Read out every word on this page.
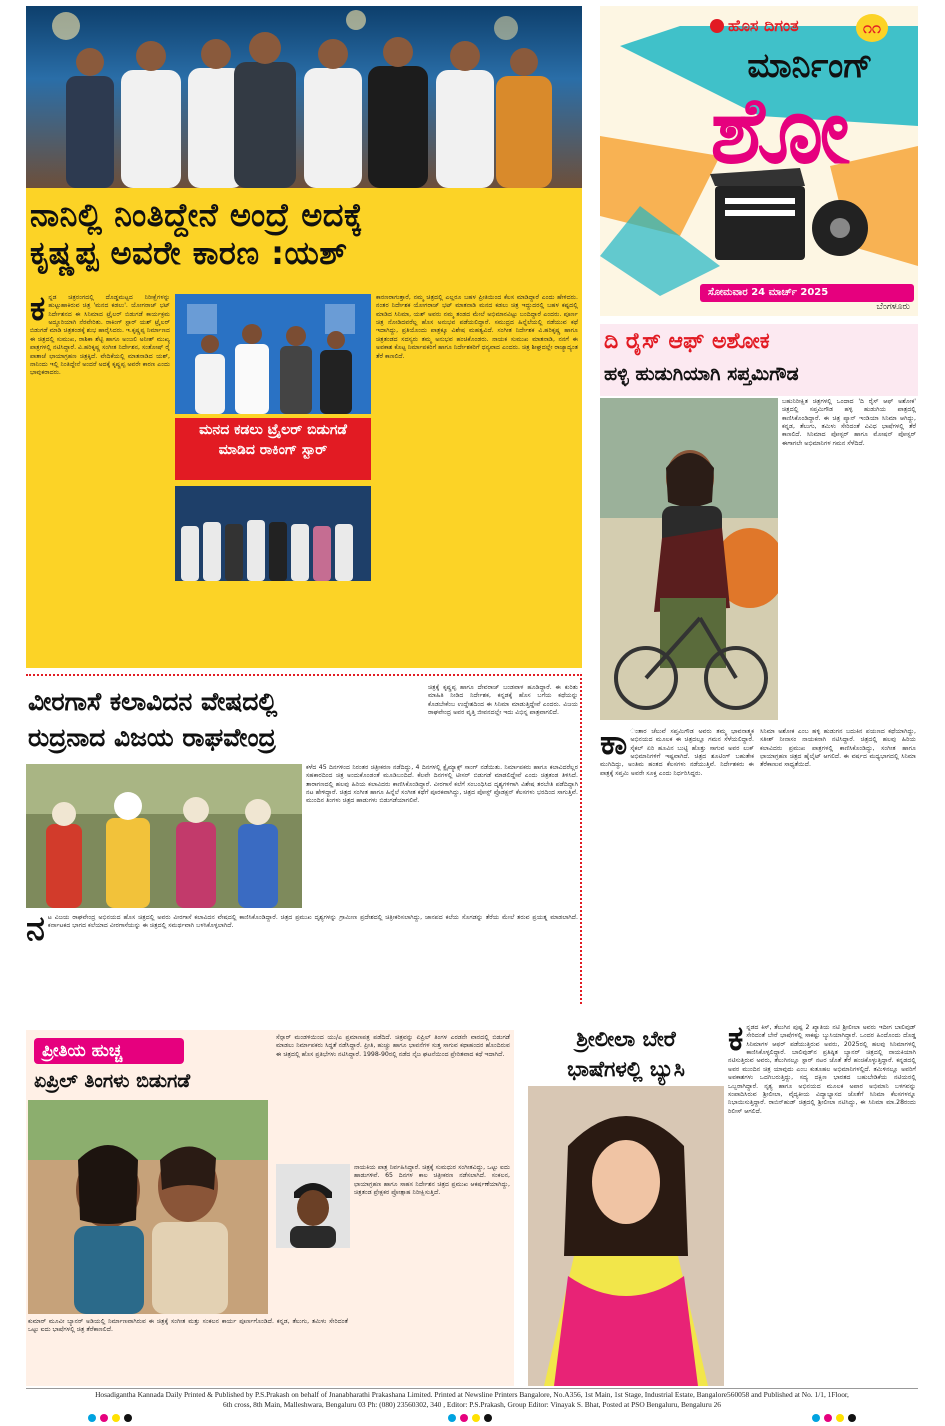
ನಾನಿಲ್ಲಿ ನಿಂತಿದ್ದೇನೆ ಅಂದ್ರೆ ಅದಕ್ಕೆ
ಕೃಷ್ಣಪ್ಪ ಅವರೇ ಕಾರಣ :ಯಶ್
ಕ ನ್ನಡ ಚಿತ್ರರಂಗದಲ್ಲಿ ದೊಡ್ಡಮಟ್ಟದ ನಿರೀಕ್ಷೆಗಳನ್ನು ಹುಟ್ಟುಹಾಕಿರುವ ಚಿತ್ರ 'ಮನದ ಕಡಲು'. ಯೋಗರಾಜ್ ಭಟ್ ನಿರ್ದೇಶನದ ಈ ಸಿನಿಮಾದ ಟ್ರೈಲರ್ ಬಿಡುಗಡೆ ಕಾರ್ಯಕ್ರಮ ಅದ್ದೂರಿಯಾಗಿ ನೆರವೇರಿತು. ರಾಕಿಂಗ್ ಸ್ಟಾರ್ ಯಶ್ ಟ್ರೈಲರ್ ಬಿಡುಗಡೆ ಮಾಡಿ ಚಿತ್ರತಂಡಕ್ಕೆ ಶುಭ ಹಾರೈಸಿದರು. ಇ.ಕೃಷ್ಣಪ್ಪ ನಿರ್ಮಾಣದ ಈ ಚಿತ್ರದಲ್ಲಿ ಸುಮುಖ, ರಾಶಿಕಾ ಶೆಟ್ಟಿ ಹಾಗೂ ಅಂಜಲಿ ಅನೀಶ್ ಮುಖ್ಯ ಪಾತ್ರಗಳಲ್ಲಿ ನಟಿಸಿದ್ದಾರೆ. ವಿ.ಹರಿಕೃಷ್ಣ ಸಂಗೀತ ನಿರ್ದೇಶನ, ಸಂತೋಷ್ ರೈ ಪಾತಾಜೆ ಛಾಯಾಗ್ರಹಣ ಚಿತ್ರಕ್ಕಿದೆ. ವೇದಿಕೆಯಲ್ಲಿ ಮಾತನಾಡಿದ ಯಶ್, ನಾನಿಂದು ಇಲ್ಲಿ ನಿಂತಿದ್ದೇನೆ ಅಂದರೆ ಅದಕ್ಕೆ ಕೃಷ್ಣಪ್ಪ ಅವರೇ ಕಾರಣ ಎಂದು ಭಾವುಕರಾದರು.
ಮನದ ಕಡಲು ಟ್ರೈಲರ್ ಬಿಡುಗಡೆ ಮಾಡಿದ ರಾಕಿಂಗ್ ಸ್ಟಾರ್
ಕಾರಣರಾಗುತ್ತಾರೆ, ನಮ್ಮ ಚಿತ್ರದಲ್ಲಿ ಎಲ್ಲರೂ ಬಹಳ ಪ್ರೀತಿಯಿಂದ ಕೆಲಸ ಮಾಡಿದ್ದಾರೆ ಎಂದು ಹೇಳಿದರು. ನಂತರ ನಿರ್ದೇಶಕ ಯೋಗರಾಜ್ ಭಟ್ ಮಾತನಾಡಿ ಮನದ ಕಡಲು ಚಿತ್ರ ಇದ್ದುದರಲ್ಲಿ ಬಹಳ ಕಷ್ಟದಲ್ಲಿ ಮಾಡಿದ ಸಿನಿಮಾ, ಯಶ್ ಅವರು ನಮ್ಮ ತಂಡದ ಮೇಲೆ ಅಭಿಮಾನವಿಟ್ಟು ಬಂದಿದ್ದಾರೆ ಎಂದರು. ಪೂರ್ಣ ಚಿತ್ರ ನೋಡಿದವರೆಲ್ಲ ಹೊಸ ಅನುಭವ ಪಡೆಯಲಿದ್ದಾರೆ. ಸಮುದ್ರದ ಹಿನ್ನೆಲೆಯಲ್ಲಿ ನಡೆಯುವ ಕಥೆ ಇದಾಗಿದ್ದು, ಪ್ರತಿಯೊಂದು ಪಾತ್ರಕ್ಕೂ ವಿಶೇಷ ಮಹತ್ವವಿದೆ. ಸಂಗೀತ ನಿರ್ದೇಶಕ ವಿ.ಹರಿಕೃಷ್ಣ ಹಾಗೂ ಚಿತ್ರತಂಡದ ಸದಸ್ಯರು ತಮ್ಮ ಅನುಭವ ಹಂಚಿಕೊಂಡರು. ನಾಯಕ ಸುಮುಖ ಮಾತನಾಡಿ, ನನಗೆ ಈ ಅವಕಾಶ ಕೊಟ್ಟ ನಿರ್ಮಾಪಕರಿಗೆ ಹಾಗೂ ನಿರ್ದೇಶಕರಿಗೆ ಧನ್ಯವಾದ ಎಂದರು. ಚಿತ್ರ ಶೀಘ್ರದಲ್ಲೇ ರಾಜ್ಯಾದ್ಯಂತ ತೆರೆ ಕಾಣಲಿದೆ.
ಹೊಸ ದಿಗಂತ	೧೧
ಮಾರ್ನಿಂಗ್
ಶೋ
ಸೋಮವಾರ 24 ಮಾರ್ಚ್ 2025
ಬೆಂಗಳೂರು
ದಿ ರೈಸ್ ಆಫ್ ಅಶೋಕ
ಹಳ್ಳಿ ಹುಡುಗಿಯಾಗಿ ಸಪ್ತಮಿಗೌಡ
ಬಹುನಿರೀಕ್ಷಿತ ಚಿತ್ರಗಳಲ್ಲಿ ಒಂದಾದ 'ದಿ ರೈಸ್ ಆಫ್ ಅಶೋಕ' ಚಿತ್ರದಲ್ಲಿ ಸಪ್ತಮಿಗೌಡ ಹಳ್ಳಿ ಹುಡುಗಿಯ ಪಾತ್ರದಲ್ಲಿ ಕಾಣಿಸಿಕೊಂಡಿದ್ದಾರೆ. ಈ ಚಿತ್ರ ಪ್ಯಾನ್ ಇಂಡಿಯಾ ಸಿನಿಮಾ ಆಗಿದ್ದು, ಕನ್ನಡ, ತೆಲುಗು, ತಮಿಳು ಸೇರಿದಂತೆ ವಿವಿಧ ಭಾಷೆಗಳಲ್ಲಿ ತೆರೆ ಕಾಣಲಿದೆ. ಸಿನಿಮಾದ ಪೋಸ್ಟರ್ ಹಾಗೂ ಮೋಷನ್ ಪೋಸ್ಟರ್ ಈಗಾಗಲೇ ಅಭಿಮಾನಿಗಳ ಗಮನ ಸೆಳೆದಿದೆ.
ಕಾ ಂತಾರ ಚೆಲುವೆ ಸಪ್ತಮಿಗೌಡ ಅವರು ತಮ್ಮ ಭಾವನಾತ್ಮಕ ಅಭಿನಯದ ಮೂಲಕ ಈ ಚಿತ್ರದಲ್ಲೂ ಗಮನ ಸೆಳೆಯಲಿದ್ದಾರೆ. ಸೈಕಲ್ ಏರಿ ಹೂವಿನ ಬುಟ್ಟಿ ಹೊತ್ತು ಸಾಗುವ ಅವರ ಲುಕ್ ಅಭಿಮಾನಿಗಳಿಗೆ ಇಷ್ಟವಾಗಿದೆ. ಚಿತ್ರದ ಶೂಟಿಂಗ್ ಬಹುತೇಕ ಮುಗಿದಿದ್ದು, ಅಂತಿಮ ಹಂತದ ಕೆಲಸಗಳು ನಡೆಯುತ್ತಿವೆ. ನಿರ್ದೇಶಕರು ಈ ಪಾತ್ರಕ್ಕೆ ಸಪ್ತಮಿ ಅವರೇ ಸೂಕ್ತ ಎಂದು ನಿರ್ಧರಿಸಿದ್ದರು.
ಸಿನಿಮಾ ಅಶೋಕ ಎಂಬ ಹಳ್ಳಿ ಹುಡುಗನ ಬದುಕಿನ ಪಯಣದ ಕಥೆಯಾಗಿದ್ದು, ಸತೀಶ್ ನೀನಾಸಂ ನಾಯಕನಾಗಿ ನಟಿಸಿದ್ದಾರೆ. ಚಿತ್ರದಲ್ಲಿ ಹಲವು ಹಿರಿಯ ಕಲಾವಿದರು ಪ್ರಮುಖ ಪಾತ್ರಗಳಲ್ಲಿ ಕಾಣಿಸಿಕೊಂಡಿದ್ದು, ಸಂಗೀತ ಹಾಗೂ ಛಾಯಾಗ್ರಹಣ ಚಿತ್ರದ ಹೈಲೈಟ್ ಆಗಲಿದೆ. ಈ ವರ್ಷದ ಮಧ್ಯಭಾಗದಲ್ಲಿ ಸಿನಿಮಾ ತೆರೆಕಾಣುವ ಸಾಧ್ಯತೆಯಿದೆ.
ವೀರಗಾಸೆ ಕಲಾವಿದನ ವೇಷದಲ್ಲಿ
ರುದ್ರನಾದ ವಿಜಯ ರಾಘವೇಂದ್ರ
ಚಿತ್ರಕ್ಕೆ ಕೃಷ್ಣಪ್ಪ ಹಾಗೂ ದೇವರಾಜ್ ಬಂಡವಾಳ ಹೂಡಿದ್ದಾರೆ. ಈ ಕುರಿತು ಮಾಹಿತಿ ನೀಡಿದ ನಿರ್ದೇಶಕ, ಕನ್ನಡಕ್ಕೆ ಹೊಸ ಬಗೆಯ ಕಥೆಯನ್ನು ಕೊಡಬೇಕೆಂಬ ಉದ್ದೇಶದಿಂದ ಈ ಸಿನಿಮಾ ಮಾಡುತ್ತಿದ್ದೇವೆ ಎಂದರು. ವಿಜಯ ರಾಘವೇಂದ್ರ ಅವರ ವೃತ್ತಿ ಜೀವನದಲ್ಲೇ ಇದು ವಿಭಿನ್ನ ಪಾತ್ರವಾಗಲಿದೆ.
ಕಳೆದ 45 ದಿನಗಳಿಂದ ನಿರಂತರ ಚಿತ್ರೀಕರಣ ನಡೆದಿದ್ದು, 4 ದಿನಗಳಲ್ಲಿ ಕ್ಲೈಮ್ಯಾಕ್ಸ್ ಸಾಂಗ್ ನಡೆಯಿತು. ನಿರ್ಮಾಪಕರು ಹಾಗೂ ಕಲಾವಿದರೆಲ್ಲರ ಸಹಕಾರದಿಂದ ಚಿತ್ರ ಅಂದುಕೊಂಡಂತೆ ಮೂಡಿಬಂದಿದೆ. ಕೆಲವೇ ದಿನಗಳಲ್ಲಿ ಟೀಸರ್ ಬಿಡುಗಡೆ ಮಾಡಲಿದ್ದೇವೆ ಎಂದು ಚಿತ್ರತಂಡ ತಿಳಿಸಿದೆ. ತಾರಾಗಣದಲ್ಲಿ ಹಲವು ಹಿರಿಯ ಕಲಾವಿದರು ಕಾಣಿಸಿಕೊಂಡಿದ್ದಾರೆ. ವೀರಗಾಸೆ ಕಲೆಗೆ ಸಂಬಂಧಿಸಿದ ದೃಶ್ಯಗಳಿಗಾಗಿ ವಿಶೇಷ ತರಬೇತಿ ಪಡೆದಿದ್ದಾಗಿ ನಟ ಹೇಳಿದ್ದಾರೆ. ಚಿತ್ರದ ಸಂಗೀತ ಹಾಗೂ ಹಿನ್ನೆಲೆ ಸಂಗೀತ ಕಥೆಗೆ ಪೂರಕವಾಗಿದ್ದು, ಚಿತ್ರದ ಪೋಸ್ಟ್ ಪ್ರೊಡಕ್ಷನ್ ಕೆಲಸಗಳು ಭರದಿಂದ ಸಾಗುತ್ತಿವೆ. ಮುಂದಿನ ತಿಂಗಳು ಚಿತ್ರದ ಹಾಡುಗಳು ಬಿಡುಗಡೆಯಾಗಲಿವೆ.
ನ ಟ ವಿಜಯ ರಾಘವೇಂದ್ರ ಅಭಿನಯದ ಹೊಸ ಚಿತ್ರದಲ್ಲಿ ಅವರು ವೀರಗಾಸೆ ಕಲಾವಿದನ ವೇಷದಲ್ಲಿ ಕಾಣಿಸಿಕೊಂಡಿದ್ದಾರೆ. ಚಿತ್ರದ ಪ್ರಮುಖ ದೃಶ್ಯಗಳನ್ನು ಗ್ರಾಮೀಣ ಪ್ರದೇಶದಲ್ಲಿ ಚಿತ್ರೀಕರಿಸಲಾಗಿದ್ದು, ಜಾನಪದ ಕಲೆಯ ಸೊಗಡನ್ನು ತೆರೆಯ ಮೇಲೆ ತರುವ ಪ್ರಯತ್ನ ಮಾಡಲಾಗಿದೆ. ಕರ್ನಾಟಕದ ಭಾಗದ ಕಲೆಯಾದ ವೀರಗಾಸೆಯನ್ನು ಈ ಚಿತ್ರದಲ್ಲಿ ಸಮರ್ಥವಾಗಿ ಬಳಸಿಕೊಳ್ಳಲಾಗಿದೆ.
ಪ್ರೀತಿಯ ಹುಚ್ಚ
ಏಪ್ರಿಲ್ ತಿಂಗಳು ಬಿಡುಗಡೆ
ಸೆನ್ಸಾರ್ ಮಂಡಳಿಯಿಂದ ಯು/ಎ ಪ್ರಮಾಣಪತ್ರ ಪಡೆದಿದೆ. ಚಿತ್ರವನ್ನು ಏಪ್ರಿಲ್ ತಿಂಗಳ ಎರಡನೇ ವಾರದಲ್ಲಿ ಬಿಡುಗಡೆ ಮಾಡಲು ನಿರ್ಮಾಪಕರು ಸಿದ್ಧತೆ ನಡೆಸಿದ್ದಾರೆ. ಪ್ರೀತಿ, ಹುಚ್ಚು ಹಾಗೂ ಭಾವನೆಗಳ ಸುತ್ತ ಸಾಗುವ ಕಥಾಹಂದರ ಹೊಂದಿರುವ ಈ ಚಿತ್ರದಲ್ಲಿ ಹೊಸ ಪ್ರತಿಭೆಗಳು ನಟಿಸಿದ್ದಾರೆ. 1998-90ರಲ್ಲಿ ನಡೆದ ನೈಜ ಘಟನೆಯಿಂದ ಪ್ರೇರಿತವಾದ ಕಥೆ ಇದಾಗಿದೆ.
ನಾಯಕಿಯ ಪಾತ್ರ ನಿರ್ವಹಿಸಿದ್ದಾರೆ. ಚಿತ್ರಕ್ಕೆ ಸುಮಧುರ ಸಂಗೀತವಿದ್ದು, ಒಟ್ಟು ಐದು ಹಾಡುಗಳಿವೆ. 65 ದಿನಗಳ ಕಾಲ ಚಿತ್ರೀಕರಣ ನಡೆಸಲಾಗಿದೆ. ಸಂಕಲನ, ಛಾಯಾಗ್ರಹಣ ಹಾಗೂ ಸಾಹಸ ನಿರ್ದೇಶನ ಚಿತ್ರದ ಪ್ರಮುಖ ಆಕರ್ಷಣೆಯಾಗಿದ್ದು, ಚಿತ್ರತಂಡ ಪ್ರೇಕ್ಷಕರ ಪ್ರೋತ್ಸಾಹ ನಿರೀಕ್ಷಿಸುತ್ತಿದೆ.
ಕುಮಾರ್ ಮೂವೀ ಬ್ಯಾನರ್ ಅಡಿಯಲ್ಲಿ ನಿರ್ಮಾಣವಾಗಿರುವ ಈ ಚಿತ್ರಕ್ಕೆ ಸಂಗೀತ ಮತ್ತು ಸಂಕಲನ ಕಾರ್ಯ ಪೂರ್ಣಗೊಂಡಿದೆ. ಕನ್ನಡ, ತೆಲುಗು, ತಮಿಳು ಸೇರಿದಂತೆ ಒಟ್ಟು ಐದು ಭಾಷೆಗಳಲ್ಲಿ ಚಿತ್ರ ತೆರೆಕಾಣಲಿದೆ.
ಶ್ರೀಲೀಲಾ ಬೇರೆ
ಭಾಷೆಗಳಲ್ಲಿ ಬ್ಯುಸಿ
ಕ ನ್ನಡದ ಕಿಸ್, ತೆಲುಗಿನ ಪುಷ್ಪ 2 ಖ್ಯಾತಿಯ ನಟಿ ಶ್ರೀಲೀಲಾ ಅವರು ಇದೀಗ ಬಾಲಿವುಡ್ ಸೇರಿದಂತೆ ಬೇರೆ ಭಾಷೆಗಳಲ್ಲಿ ಸಾಕಷ್ಟು ಬ್ಯುಸಿಯಾಗಿದ್ದಾರೆ. ಒಂದರ ಹಿಂದೊಂದು ದೊಡ್ಡ ಸಿನಿಮಾಗಳ ಆಫರ್ ಪಡೆಯುತ್ತಿರುವ ಅವರು, 2025ರಲ್ಲಿ ಹಲವು ಸಿನಿಮಾಗಳಲ್ಲಿ ಕಾಣಿಸಿಕೊಳ್ಳಲಿದ್ದಾರೆ. ಬಾಲಿವುಡ್‌ನ ಪ್ರತಿಷ್ಠಿತ ಬ್ಯಾನರ್ ಚಿತ್ರದಲ್ಲಿ ನಾಯಕಿಯಾಗಿ ನಟಿಸುತ್ತಿರುವ ಅವರು, ತೆಲುಗಿನಲ್ಲೂ ಸ್ಟಾರ್ ನಟರ ಜೊತೆ ತೆರೆ ಹಂಚಿಕೊಳ್ಳುತ್ತಿದ್ದಾರೆ. ಕನ್ನಡದಲ್ಲಿ ಅವರ ಮುಂದಿನ ಚಿತ್ರ ಯಾವುದು ಎಂಬ ಕುತೂಹಲ ಅಭಿಮಾನಿಗಳಲ್ಲಿದೆ. ತಮಿಳಿನಲ್ಲೂ ಅವರಿಗೆ ಅವಕಾಶಗಳು ಒದಗಿಬರುತ್ತಿದ್ದು, ಸದ್ಯ ದಕ್ಷಿಣ ಭಾರತದ ಬಹುಬೇಡಿಕೆಯ ನಟಿಯರಲ್ಲಿ ಒಬ್ಬರಾಗಿದ್ದಾರೆ. ನೃತ್ಯ ಹಾಗೂ ಅಭಿನಯದ ಮೂಲಕ ಅಪಾರ ಅಭಿಮಾನಿ ಬಳಗವನ್ನು ಸಂಪಾದಿಸಿರುವ ಶ್ರೀಲೀಲಾ, ವೈದ್ಯಕೀಯ ವಿದ್ಯಾಭ್ಯಾಸದ ಜೊತೆಗೆ ಸಿನಿಮಾ ಕೆಲಸಗಳನ್ನೂ ನಿಭಾಯಿಸುತ್ತಿದ್ದಾರೆ. ರಾಬಿನ್‌ಹುಡ್ ಚಿತ್ರದಲ್ಲಿ ಶ್ರೀಲೀಲಾ ನಟಿಸಿದ್ದು, ಈ ಸಿನಿಮಾ ಮಾ.28ರಂದು ರಿಲೀಸ್ ಆಗಲಿದೆ.
Hosadigantha Kannada Daily Printed & Published by P.S.Prakash on behalf of Jnanabharathi Prakashana Limited. Printed at Newsline Printers Bangalore, No.A356, 1st Main, 1st Stage, Industrial Estate, Bangalore560058 and Published at No. 1/1, 1Floor,
6th cross, 8th Main, Malleshwara, Bengaluru 03 Ph: (080) 23560302, 340 , Editor: P.S.Prakash, Group Editor: Vinayak S. Bhat, Posted at PSO Bengaluru, Bengaluru 26
